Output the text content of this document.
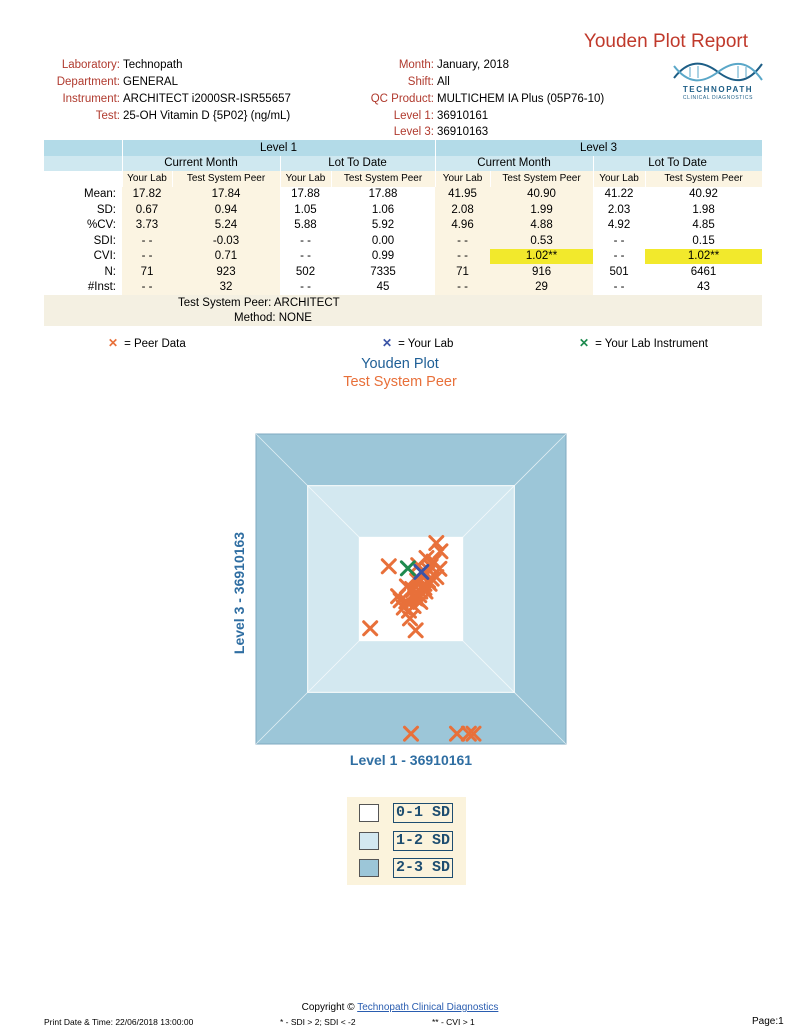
Youden Plot Report
TECHNOPATH
CLINICAL DIAGNOSTICS
Laboratory: Technopath
Department: GENERAL
Instrument: ARCHITECT i2000SR-ISR55657
Test: 25-OH Vitamin D {5P02} (ng/mL)
Month: January, 2018
Shift: All
QC Product: MULTICHEM IA Plus (05P76-10)
Level 1: 36910161
Level 3: 36910163
	Level 1				Level 3			
	Current Month		Lot To Date		Current Month		Lot To Date	
	Your Lab	Test System Peer	Your Lab	Test System Peer	Your Lab	Test System Peer	Your Lab	Test System Peer
Mean:	17.82	17.84	17.88	17.88	41.95	40.90	41.22	40.92
SD:	0.67	0.94	1.05	1.06	2.08	1.99	2.03	1.98
%CV:	3.73	5.24	5.88	5.92	4.96	4.88	4.92	4.85
SDI:	- -	-0.03	- -	0.00	- -	0.53	- -	0.15
CVI:	- -	0.71	- -	0.99	- -	1.02**	- -	1.02**
N:	71	923	502	7335	71	916	501	6461
#Inst:	- -	32	- -	45	- -	29	- -	43
Test System Peer: ARCHITECT								
Method: NONE								
✕ = Peer Data	✕ = Your Lab	✕ = Your Lab Instrument
Youden Plot
Test System Peer
Level 1 - 36910161
Level 3 - 36910163
0-1 SD
1-2 SD
2-3 SD
Copyright © Technopath Clinical Diagnostics
Print Date & Time: 22/06/2018 13:00:00	* - SDI > 2; SDI < -2	** - CVI > 1	Page:1
